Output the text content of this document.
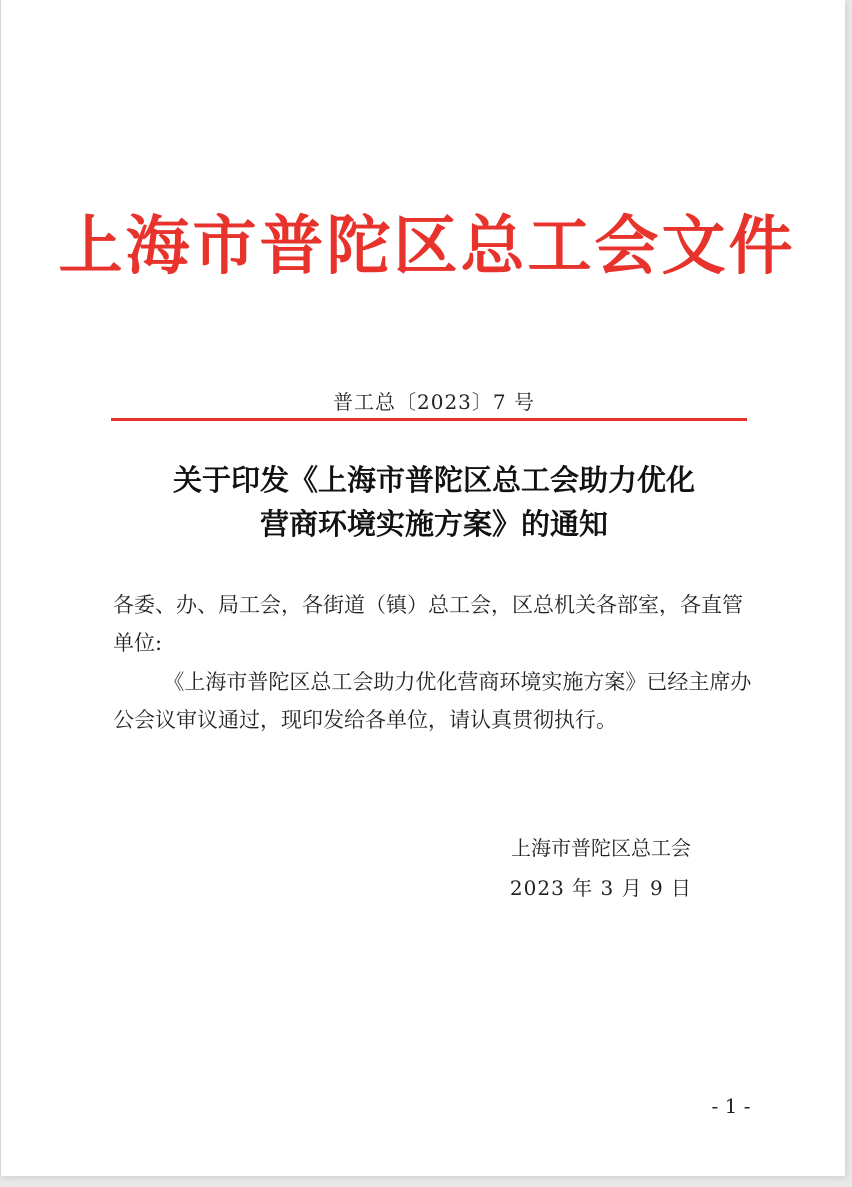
上海市普陀区总工会文件
普工总〔2023〕7 号
关于印发《上海市普陀区总工会助力优化
营商环境实施方案》的通知
各委、办、局工会，各街道（镇）总工会，区总机关各部室，各直管单位:
《上海市普陀区总工会助力优化营商环境实施方案》已经主席办公会议审议通过，现印发给各单位，请认真贯彻执行。
上海市普陀区总工会
2023 年 3 月 9 日
- 1 -
